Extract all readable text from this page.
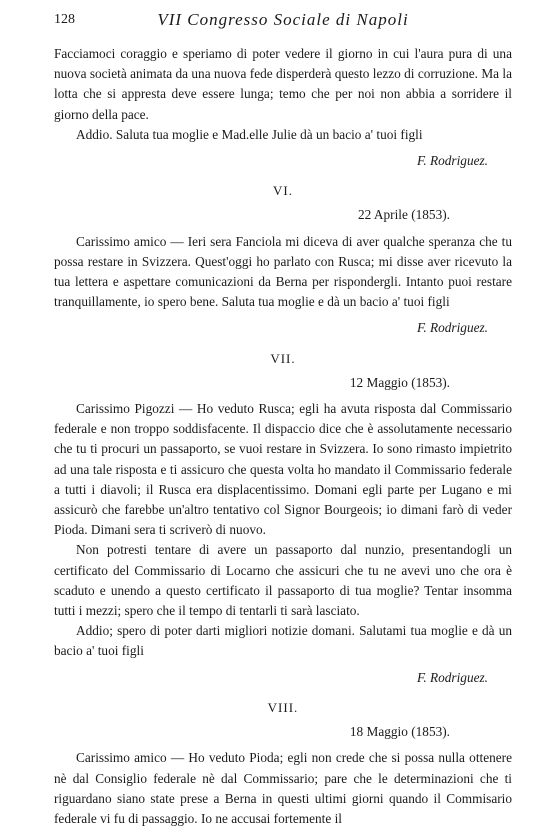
128	VII Congresso Sociale di Napoli

Facciamoci coraggio e speriamo di poter vedere il giorno in cui l'aura pura di una nuova società animata da una nuova fede disperderà questo lezzo di corruzione. Ma la lotta che si appresta deve essere lunga; temo che per noi non abbia a sorridere il giorno della pace.

Addio. Saluta tua moglie e Mad.elle Julie dà un bacio a' tuoi figli

F. Rodriguez.

VI.
22 Aprile (1853).

Carissimo amico — Ieri sera Fanciola mi diceva di aver qualche speranza che tu possa restare in Svizzera. Quest'oggi ho parlato con Rusca; mi disse aver ricevuto la tua lettera e aspettare comunicazioni da Berna per rispondergli. Intanto puoi restare tranquillamente, io spero bene. Saluta tua moglie e dà un bacio a' tuoi figli

F. Rodriguez.

VII.
12 Maggio (1853).

Carissimo Pigozzi — Ho veduto Rusca; egli ha avuta risposta dal Commissario federale e non troppo soddisfacente. Il dispaccio dice che è assolutamente necessario che tu ti procuri un passaporto, se vuoi restare in Svizzera. Io sono rimasto impietrito ad una tale risposta e ti assicuro che questa volta ho mandato il Commissario federale a tutti i diavoli; il Rusca era displacentissimo. Domani egli parte per Lugano e mi assicurò che farebbe un'altro tentativo col Signor Bourgeois; io dimani farò di veder Pioda. Dimani sera ti scriverò di nuovo.

Non potresti tentare di avere un passaporto dal nunzio, presentandogli un certificato del Commissario di Locarno che assicuri che tu ne avevi uno che ora è scaduto e unendo a questo certificato il passaporto di tua moglie? Tentar insomma tutti i mezzi; spero che il tempo di tentarli ti sarà lasciato.

Addio; spero di poter darti migliori notizie domani. Salutami tua moglie e dà un bacio a' tuoi figli

F. Rodriguez.

VIII.
18 Maggio (1853).

Carissimo amico — Ho veduto Pioda; egli non crede che si possa nulla ottenere nè dal Consiglio federale nè dal Commissario; pare che le determinazioni che ti riguardano siano state prese a Berna in questi ultimi giorni quando il Commisario federale vi fu di passaggio. Io ne accusai fortemente il
